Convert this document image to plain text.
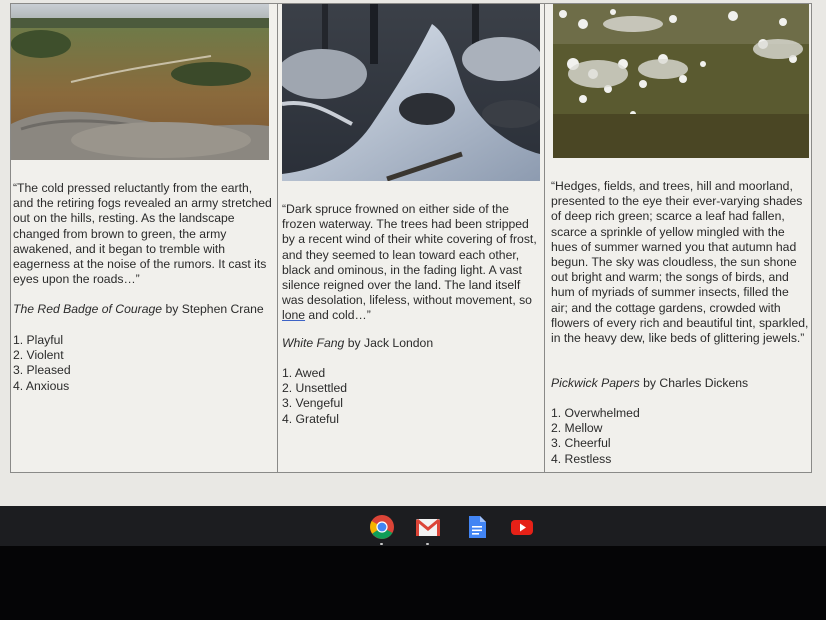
“The cold pressed reluctantly from the earth, and the retiring fogs revealed an army stretched out on the hills, resting. As the landscape changed from brown to green, the army awakened, and it began to tremble with eagerness at the noise of the rumors. It cast its eyes upon the roads…”
The Red Badge of Courage by Stephen Crane
1. Playful
2. Violent
3. Pleased
4. Anxious
“Dark spruce frowned on either side of the frozen waterway. The trees had been stripped by a recent wind of their white covering of frost, and they seemed to lean toward each other, black and ominous, in the fading light. A vast silence reigned over the land. The land itself was desolation, lifeless, without movement, so lone and cold…”
White Fang by Jack London
1. Awed
2. Unsettled
3. Vengeful
4. Grateful
“Hedges, fields, and trees, hill and moorland, presented to the eye their ever-varying shades of deep rich green; scarce a leaf had fallen, scarce a sprinkle of yellow mingled with the hues of summer warned you that autumn had begun. The sky was cloudless, the sun shone out bright and warm; the songs of birds, and hum of myriads of summer insects, filled the air; and the cottage gardens, crowded with flowers of every rich and beautiful tint, sparkled, in the heavy dew, like beds of glittering jewels.”
Pickwick Papers by Charles Dickens
1. Overwhelmed
2. Mellow
3. Cheerful
4. Restless
